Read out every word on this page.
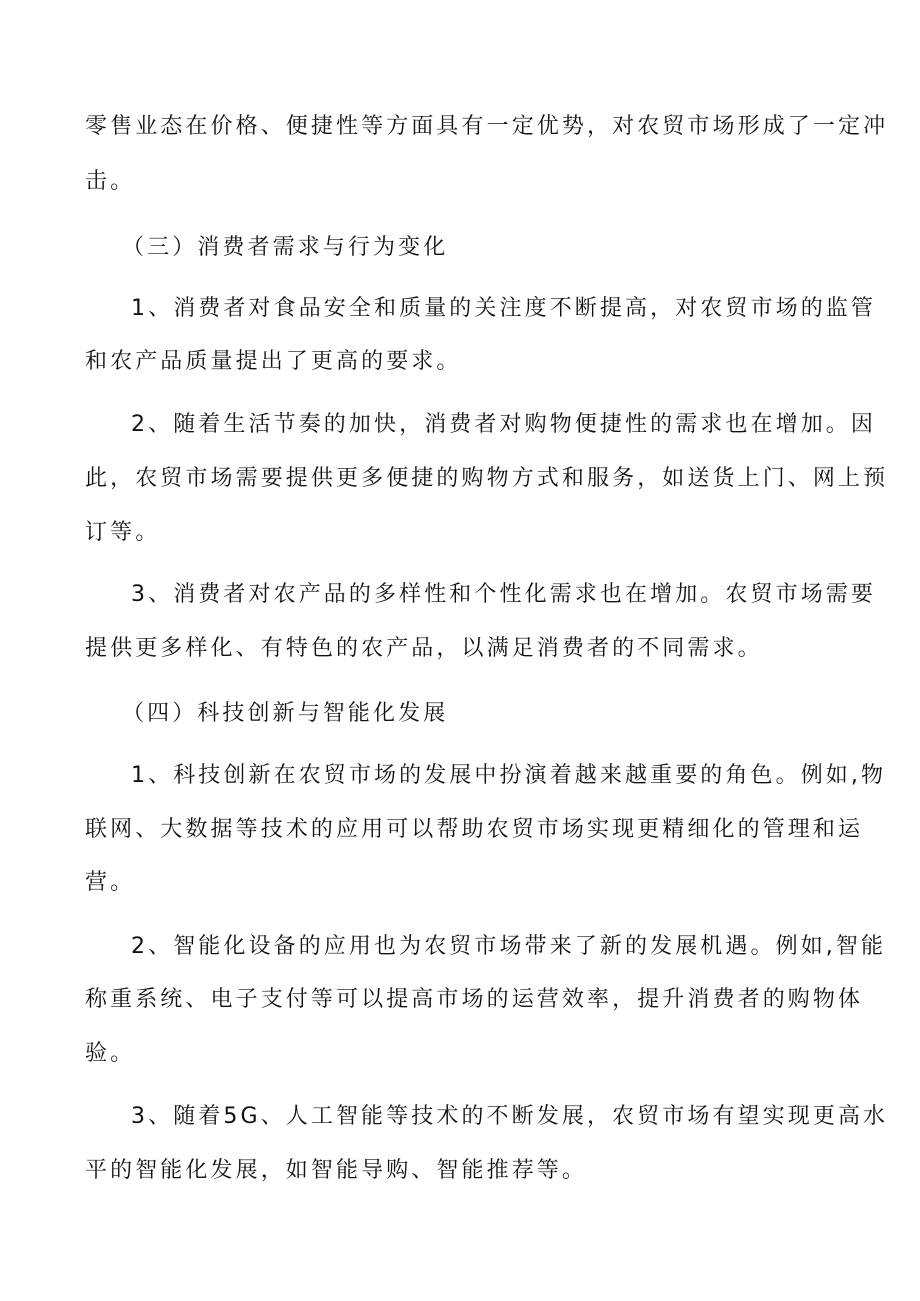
零售业态在价格、便捷性等方面具有一定优势，对农贸市场形成了一定冲
击。
（三）消费者需求与行为变化
1、消费者对食品安全和质量的关注度不断提高，对农贸市场的监管
和农产品质量提出了更高的要求。
2、随着生活节奏的加快，消费者对购物便捷性的需求也在增加。因
此，农贸市场需要提供更多便捷的购物方式和服务，如送货上门、网上预
订等。
3、消费者对农产品的多样性和个性化需求也在增加。农贸市场需要
提供更多样化、有特色的农产品，以满足消费者的不同需求。
（四）科技创新与智能化发展
1、科技创新在农贸市场的发展中扮演着越来越重要的角色。例如,物
联网、大数据等技术的应用可以帮助农贸市场实现更精细化的管理和运
营。
2、智能化设备的应用也为农贸市场带来了新的发展机遇。例如,智能
称重系统、电子支付等可以提高市场的运营效率，提升消费者的购物体
验。
3、随着5G、人工智能等技术的不断发展，农贸市场有望实现更高水
平的智能化发展，如智能导购、智能推荐等。
